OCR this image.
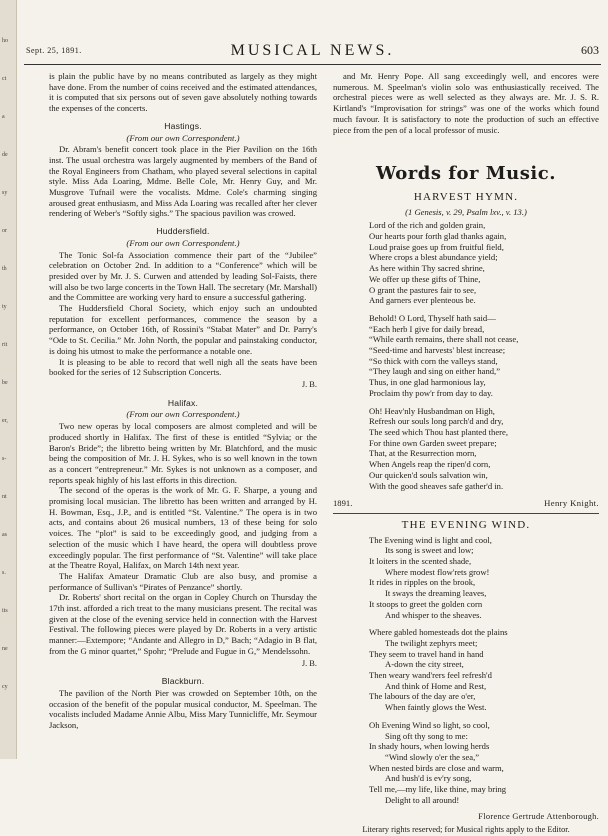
ho
ct
a
de
sy
or
th
ty
rit
be
er,
s-
nt
as
s.
its
ne
cy
Sept. 25, 1891.	MUSICAL NEWS.	603

is plain the public have by no means contributed as largely as they might have done. From the number of coins received and the estimated attendances, it is computed that six persons out of seven gave absolutely nothing towards the expenses of the concerts.

Hastings.
(From our own Correspondent.)

Dr. Abram's benefit concert took place in the Pier Pavilion on the 16th inst. The usual orchestra was largely augmented by members of the Band of the Royal Engineers from Chatham, who played several selections in capital style. Miss Ada Loaring, Mdme. Belle Cole, Mr. Henry Guy, and Mr. Musgrove Tufnail were the vocalists. Mdme. Cole's charming singing aroused great enthusiasm, and Miss Ada Loaring was recalled after her clever rendering of Weber's “Softly sighs.” The spacious pavilion was crowed.

Huddersfield.
(From our own Correspondent.)

The Tonic Sol-fa Association commence their part of the “Jubilee” celebration on October 2nd. In addition to a “Conference” which will be presided over by Mr. J. S. Curwen and attended by leading Sol-Faists, there will also be two large concerts in the Town Hall. The secretary (Mr. Marshall) and the Committee are working very hard to ensure a successful gathering.

The Huddersfield Choral Society, which enjoy such an undoubted reputation for excellent performances, commence the season by a performance, on October 16th, of Rossini's “Stabat Mater” and Dr. Parry's “Ode to St. Cecilia.” Mr. John North, the popular and painstaking conductor, is doing his utmost to make the performance a notable one.

It is pleasing to be able to record that well nigh all the seats have been booked for the series of 12 Subscription Concerts.

J. B.
Halifax.
(From our own Correspondent.)

Two new operas by local composers are almost completed and will be produced shortly in Halifax. The first of these is entitled “Sylvia; or the Baron's Bride”; the libretto being written by Mr. Blatchford, and the music being the composition of Mr. J. H. Sykes, who is so well known in the town as a concert “entrepreneur.” Mr. Sykes is not unknown as a composer, and reports speak highly of his last efforts in this direction.

The second of the operas is the work of Mr. G. F. Sharpe, a young and promising local musician. The libretto has been written and arranged by H. H. Bowman, Esq., J.P., and is entitled “St. Valentine.” The opera is in two acts, and contains about 26 musical numbers, 13 of these being for solo voices. The “plot” is said to be exceedingly good, and judging from a selection of the music which I have heard, the opera will doubtless prove exceedingly popular. The first performance of “St. Valentine” will take place at the Theatre Royal, Halifax, on March 14th next year.

The Halifax Amateur Dramatic Club are also busy, and promise a performance of Sullivan's “Pirates of Penzance” shortly.

Dr. Roberts' short recital on the organ in Copley Church on Thursday the 17th inst. afforded a rich treat to the many musicians present. The recital was given at the close of the evening service held in connection with the Harvest Festival. The following pieces were played by Dr. Roberts in a very artistic manner:—Extempore; “Andante and Allegro in D,” Bach; “Adagio in B flat, from the G minor quartet,” Spohr; “Prelude and Fugue in G,” Mendelssohn.

J. B.
Blackburn.

The pavilion of the North Pier was crowded on September 10th, on the occasion of the benefit of the popular musical conductor, M. Speelman. The vocalists included Madame Annie Albu, Miss Mary Tunnicliffe, Mr. Seymour Jackson,

and Mr. Henry Pope. All sang exceedingly well, and encores were numerous. M. Speelman's violin solo was enthusiastically received. The orchestral pieces were as well selected as they always are. Mr. J. S. R. Kirtland's “Improvisation for strings” was one of the works which found much favour. It is satisfactory to note the production of such an effective piece from the pen of a local professor of music.

Words for Music.
HARVEST HYMN.
(1 Genesis, v. 29, Psalm lxv., v. 13.)
Lord of the rich and golden grain,
Our hearts pour forth glad thanks again,
Loud praise goes up from fruitful field,
Where crops a blest abundance yield;
As here within Thy sacred shrine,
We offer up these gifts of Thine,
O grant the pastures fair to see,
And garners ever plenteous be.
Behold! O Lord, Thyself hath said—
“Each herb I give for daily bread,
“While earth remains, there shall not cease,
“Seed-time and harvests' blest increase;
“So thick with corn the valleys stand,
“They laugh and sing on either hand,”
Thus, in one glad harmonious lay,
Proclaim thy pow'r from day to day.
Oh! Heav'nly Husbandman on High,
Refresh our souls long parch'd and dry,
The seed which Thou hast planted there,
For thine own Garden sweet prepare;
That, at the Resurrection morn,
When Angels reap the ripen'd corn,
Our quicken'd souls salvation win,
With the good sheaves safe gather'd in.
1891.	Henry Knight.
THE EVENING WIND.
The Evening wind is light and cool,
Its song is sweet and low;
It loiters in the scented shade,
Where modest flow'rets grow!
It rides in ripples on the brook,
It sways the dreaming leaves,
It stoops to greet the golden corn
And whisper to the sheaves.
Where gabled homesteads dot the plains
The twilight zephyrs meet;
They seem to travel hand in hand
A-down the city street,
Then weary wand'rers feel refresh'd
And think of Home and Rest,
The labours of the day are o'er,
When faintly glows the West.
Oh Evening Wind so light, so cool,
Sing oft thy song to me:
In shady hours, when lowing herds
“Wind slowly o'er the sea,”
When nested birds are close and warm,
And hush'd is ev'ry song,
Tell me,—my life, like thine, may bring
Delight to all around!
Florence Gertrude Attenborough.
Literary rights reserved; for Musical rights apply to the Editor.
